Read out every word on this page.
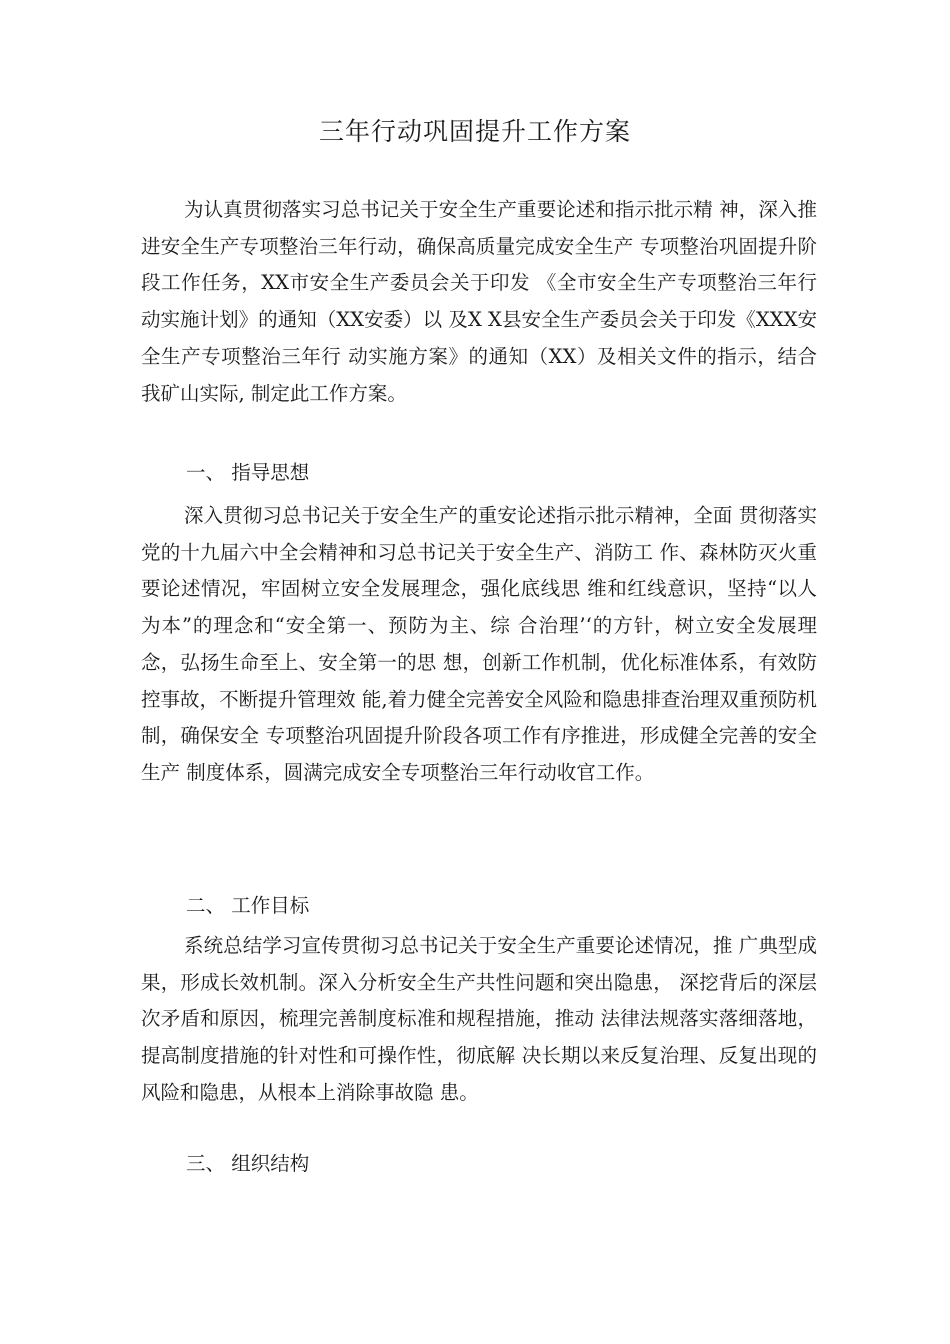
三年行动巩固提升工作方案

为认真贯彻落实习总书记关于安全生产重要论述和指示批示精 神，深入推进安全生产专项整治三年行动，确保高质量完成安全生产 专项整治巩固提升阶段工作任务，XX市安全生产委员会关于印发 《全市安全生产专项整治三年行动实施计划》的通知（XX安委）以 及X X县安全生产委员会关于印发《XXX安全生产专项整治三年行 动实施方案》的通知（XX）及相关文件的指示，结合我矿山实际, 制定此工作方案。

一、 指导思想

深入贯彻习总书记关于安全生产的重安论述指示批示精神，全面 贯彻落实党的十九届六中全会精神和习总书记关于安全生产、消防工 作、森林防灭火重要论述情况，牢固树立安全发展理念，强化底线思 维和红线意识，坚持“以人为本”的理念和“安全第一、预防为主、综 合治理’‘的方针，树立安全发展理念，弘扬生命至上、安全第一的思 想，创新工作机制，优化标准体系，有效防控事故，不断提升管理效 能,着力健全完善安全风险和隐患排查治理双重预防机制，确保安全 专项整治巩固提升阶段各项工作有序推进，形成健全完善的安全生产 制度体系，圆满完成安全专项整治三年行动收官工作。

二、 工作目标

系统总结学习宣传贯彻习总书记关于安全生产重要论述情况，推 广典型成果，形成长效机制。深入分析安全生产共性问题和突出隐患， 深挖背后的深层次矛盾和原因，梳理完善制度标准和规程措施，推动 法律法规落实落细落地，提高制度措施的针对性和可操作性，彻底解 决长期以来反复治理、反复出现的风险和隐患，从根本上消除事故隐 患。

三、 组织结构
